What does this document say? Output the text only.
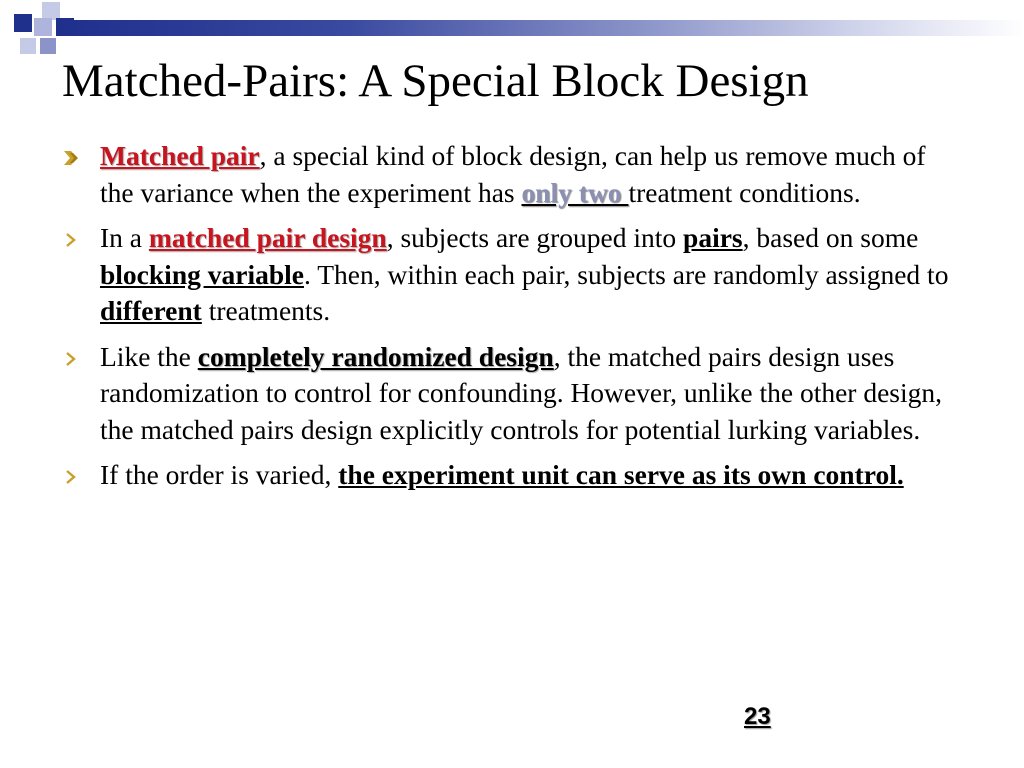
Matched-Pairs: A Special Block Design
Matched pair, a special kind of block design, can help us remove much of the variance when the experiment has only two treatment conditions.
In a matched pair design, subjects are grouped into pairs, based on some blocking variable. Then, within each pair, subjects are randomly assigned to different treatments.
Like the completely randomized design, the matched pairs design uses randomization to control for confounding. However, unlike the other design, the matched pairs design explicitly controls for potential lurking variables.
If the order is varied, the experiment unit can serve as its own control.
23
